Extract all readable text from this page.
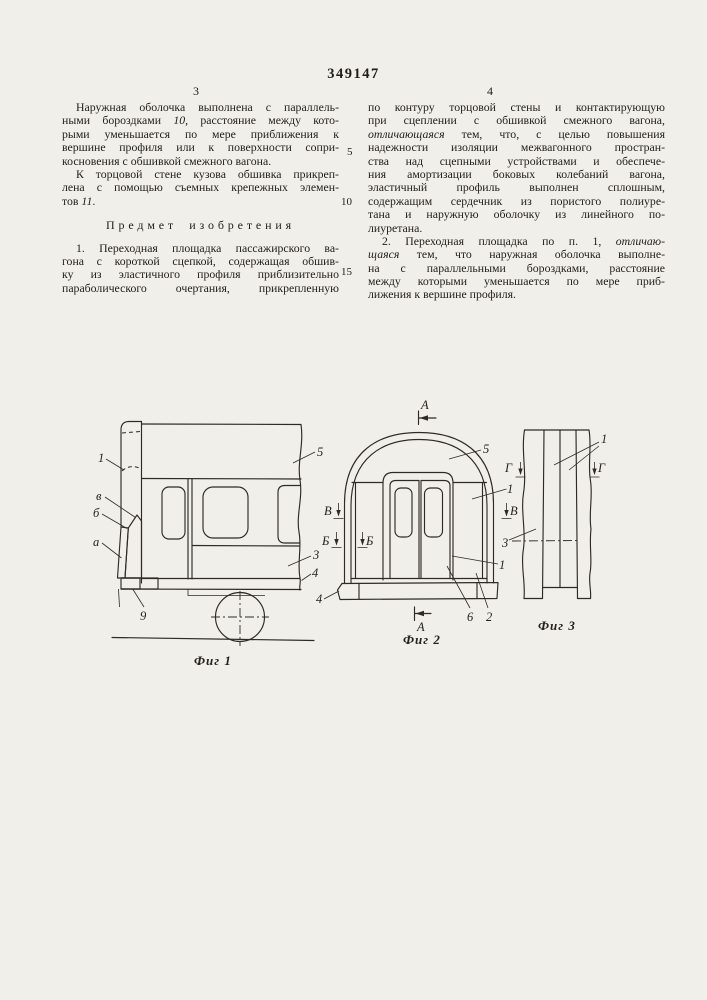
349147
3	4
Наружная оболочка выполнена с параллель-
ными бороздками 10, расстояние между кото-
рыми уменьшается по мере приближения к
вершине профиля или к поверхности сопри-
косновения с обшивкой смежного вагона.
К торцовой стене кузова обшивка прикреп-
лена с помощью съемных крепежных элемен-
тов 11.
Предмет изобретения
1. Переходная площадка пассажирского ва-
гона с короткой сцепкой, содержащая обшив-
ку из эластичного профиля приблизительно
параболического очертания, прикрепленную
по контуру торцовой стены и контактирующую
при сцеплении с обшивкой смежного вагона,
отличающаяся тем, что, с целью повышения
надежности изоляции межвагонного простран-
ства над сцепными устройствами и обеспече-
ния амортизации боковых колебаний вагона,
эластичный профиль выполнен сплошным,
содержащим сердечник из пористого полиуре-
тана и наружную оболочку из линейного по-
лиуретана.
2. Переходная площадка по п. 1, отличаю-
щаяся тем, что наружная оболочка выполне-
на с параллельными бороздками, расстояние
между которыми уменьшается по мере приб-
лижения к вершине профиля.
5
10
15
1
в
б
а
5
3
4
9
Фиг 1
А
А
В	В
Б	Б
5
1
1
6 2
4
Фиг 2
Г	Г
1
3
Фиг 3
